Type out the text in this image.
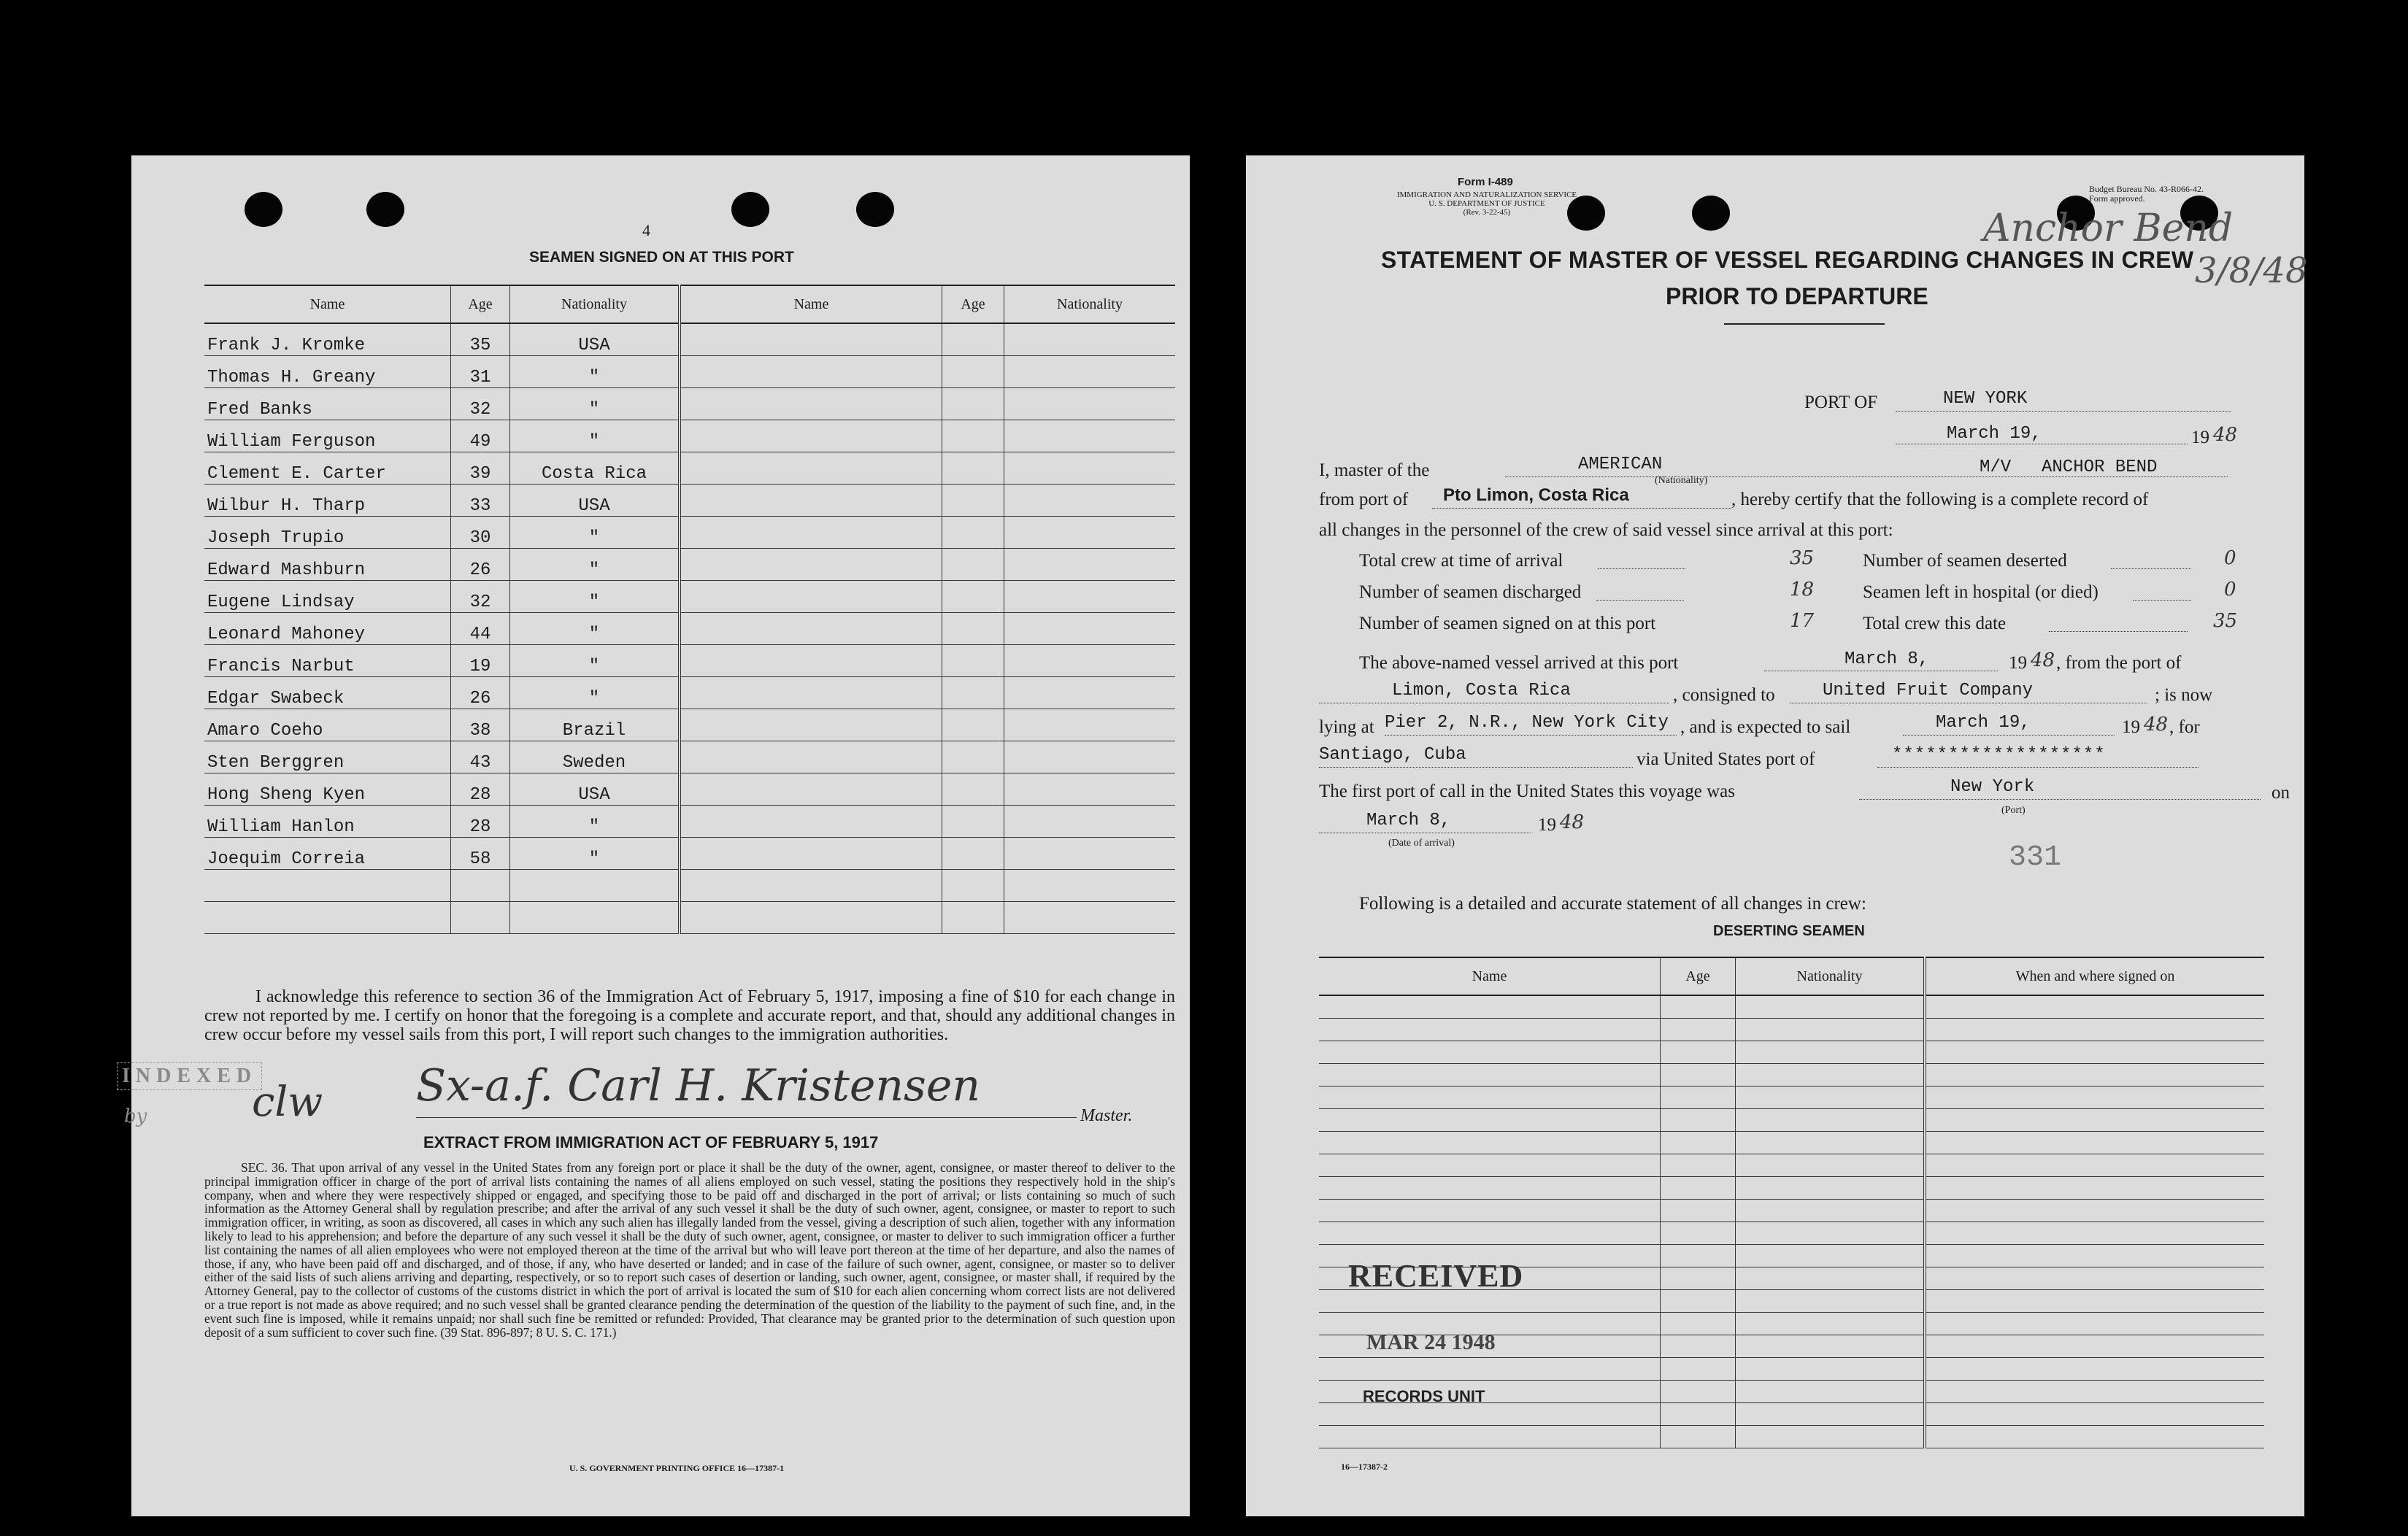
4
SEAMEN SIGNED ON AT THIS PORT
Name	Age	Nationality	Name	Age	Nationality
Frank J. Kromke	35	USA			
Thomas H. Greany	31	"			
Fred Banks	32	"			
William Ferguson	49	"			
Clement E. Carter	39	Costa Rica			
Wilbur H. Tharp	33	USA			
Joseph Trupio	30	"			
Edward Mashburn	26	"			
Eugene Lindsay	32	"			
Leonard Mahoney	44	"			
Francis Narbut	19	"			
Edgar Swabeck	26	"			
Amaro Coeho	38	Brazil			
Sten Berggren	43	Sweden			
Hong Sheng Kyen	28	USA			
William Hanlon	28	"			
Joequim Correia	58	"			

I acknowledge this reference to section 36 of the Immigration Act of February 5, 1917, imposing a fine of $10 for each change in crew not reported by me. I certify on honor that the foregoing is a complete and accurate report, and that, should any additional changes in crew occur before my vessel sails from this port, I will report such changes to the immigration authorities.
INDEXED
by	clw Sx-a.f. Carl H. Kristensen
Master.
EXTRACT FROM IMMIGRATION ACT OF FEBRUARY 5, 1917
SEC. 36. That upon arrival of any vessel in the United States from any foreign port or place it shall be the duty of the owner, agent, consignee, or master thereof to deliver to the principal immigration officer in charge of the port of arrival lists containing the names of all aliens employed on such vessel, stating the positions they respectively hold in the ship's company, when and where they were respectively shipped or engaged, and specifying those to be paid off and discharged in the port of arrival; or lists containing so much of such information as the Attorney General shall by regulation prescribe; and after the arrival of any such vessel it shall be the duty of such owner, agent, consignee, or master to report to such immigration officer, in writing, as soon as discovered, all cases in which any such alien has illegally landed from the vessel, giving a description of such alien, together with any information likely to lead to his apprehension; and before the departure of any such vessel it shall be the duty of such owner, agent, consignee, or master to deliver to such immigration officer a further list containing the names of all alien employees who were not employed thereon at the time of the arrival but who will leave port thereon at the time of her departure, and also the names of those, if any, who have been paid off and discharged, and of those, if any, who have deserted or landed; and in case of the failure of such owner, agent, consignee, or master so to deliver either of the said lists of such aliens arriving and departing, respectively, or so to report such cases of desertion or landing, such owner, agent, consignee, or master shall, if required by the Attorney General, pay to the collector of customs of the customs district in which the port of arrival is located the sum of $10 for each alien concerning whom correct lists are not delivered or a true report is not made as above required; and no such vessel shall be granted clearance pending the determination of the question of the liability to the payment of such fine, and, in the event such fine is imposed, while it remains unpaid; nor shall such fine be remitted or refunded: Provided, That clearance may be granted prior to the determination of such question upon deposit of a sum sufficient to cover such fine. (39 Stat. 896-897; 8 U. S. C. 171.)
U. S. GOVERNMENT PRINTING OFFICE 16—17387-1
Form I-489
IMMIGRATION AND NATURALIZATION SERVICE
U. S. DEPARTMENT OF JUSTICE
(Rev. 3-22-45)
Budget Bureau No. 43-R066-42.
Form approved.
Anchor Bend
3/8/48
STATEMENT OF MASTER OF VESSEL REGARDING CHANGES IN CREW
PRIOR TO DEPARTURE
PORT OF	NEW YORK
March 19,	19 48
I, master of the	AMERICAN
(Nationality)
M/V ANCHOR BEND
from port of Pto Limon, Costa Rica	, hereby certify that the following is a complete record of
all changes in the personnel of the crew of said vessel since arrival at this port:
Total crew at time of arrival	35	Number of seamen deserted	0
Number of seamen discharged	18	Seamen left in hospital (or died)	0
Number of seamen signed on at this port	17	Total crew this date	35
The above-named vessel arrived at this port	March 8,	19 48 , from the port of
Limon, Costa Rica	, consigned to	United Fruit Company	; is now
lying at Pier 2, N.R., New York City , and is expected to sail	March 19,	19 48 , for
Santiago, Cuba	via United States port of	*******************
The first port of call in the United States this voyage was	New York
(Port)
on
March 8,	19 48
(Date of arrival)	331
Following is a detailed and accurate statement of all changes in crew:
DESERTING SEAMEN
Name	Age	Nationality	When and where signed on

RECEIVED
MAR 24 1948
RECORDS UNIT
16—17387-2
